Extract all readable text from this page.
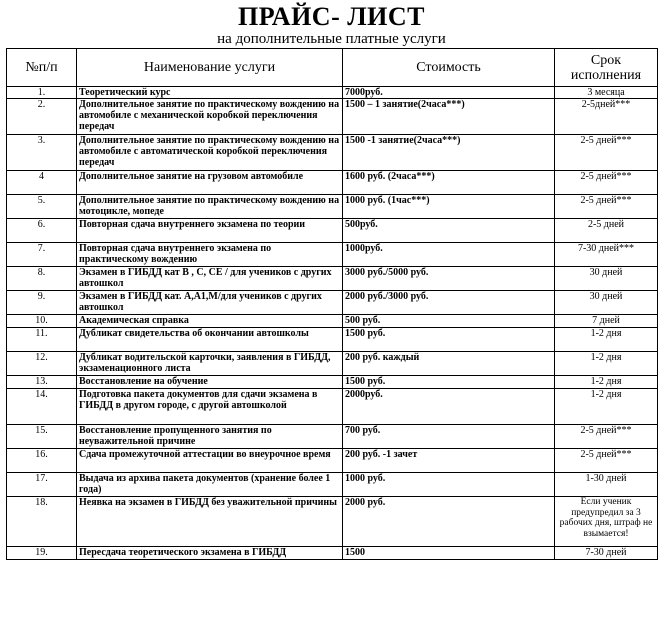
ПРАЙС- ЛИСТ
на дополнительные платные услуги
№п/п	Наименование услуги	Стоимость	Срок исполнения
1.	Теоретический курс	7000руб.	3 месяца
2.	Дополнительное занятие по практическому вождению на автомобиле с механической коробкой переключения передач	1500 – 1 занятие(2часа***)	2-5дней***
3.	Дополнительное занятие по практическому вождению на автомобиле с автоматической коробкой переключения передач	1500 -1 занятие(2часа***)	2-5 дней***
4	Дополнительное занятие на грузовом автомобиле	1600 руб. (2часа***)	2-5 дней***
5.	Дополнительное занятие по практическому вождению на мотоцикле, мопеде	1000 руб. (1час***)	2-5 дней***
6.	Повторная сдача внутреннего экзамена по теории	500руб.	2-5 дней
7.	Повторная сдача внутреннего экзамена по практическому вождению	1000руб.	7-30 дней***
8.	Экзамен в ГИБДД кат В , С, СЕ / для учеников с других автошкол	3000 руб./5000 руб.	30 дней
9.	Экзамен в ГИБДД кат. А,А1,М/для учеников с других автошкол	2000 руб./3000 руб.	30 дней
10.	Академическая справка	500 руб.	7 дней
11.	Дубликат свидетельства об окончании автошколы	1500 руб.	1-2 дня
12.	Дубликат водительской карточки, заявления в ГИБДД, экзаменационного листа	200 руб. каждый	1-2 дня
13.	Восстановление на обучение	1500 руб.	1-2 дня
14.	Подготовка пакета документов для сдачи экзамена в ГИБДД в другом городе, с другой автошколой	2000руб.	1-2 дня
15.	Восстановление пропущенного занятия по неуважительной причине	700 руб.	2-5 дней***
16.	Сдача промежуточной аттестации во внеурочное время	200 руб. -1 зачет	2-5 дней***
17.	Выдача из архива пакета документов (хранение более 1 года)	1000 руб.	1-30 дней
18.	Неявка на экзамен в ГИБДД без уважительной причины	2000 руб.	Если ученик предупредил за 3 рабочих дня, штраф не взымается!
19.	Пересдача теоретического экзамена в ГИБДД	1500	7-30 дней
